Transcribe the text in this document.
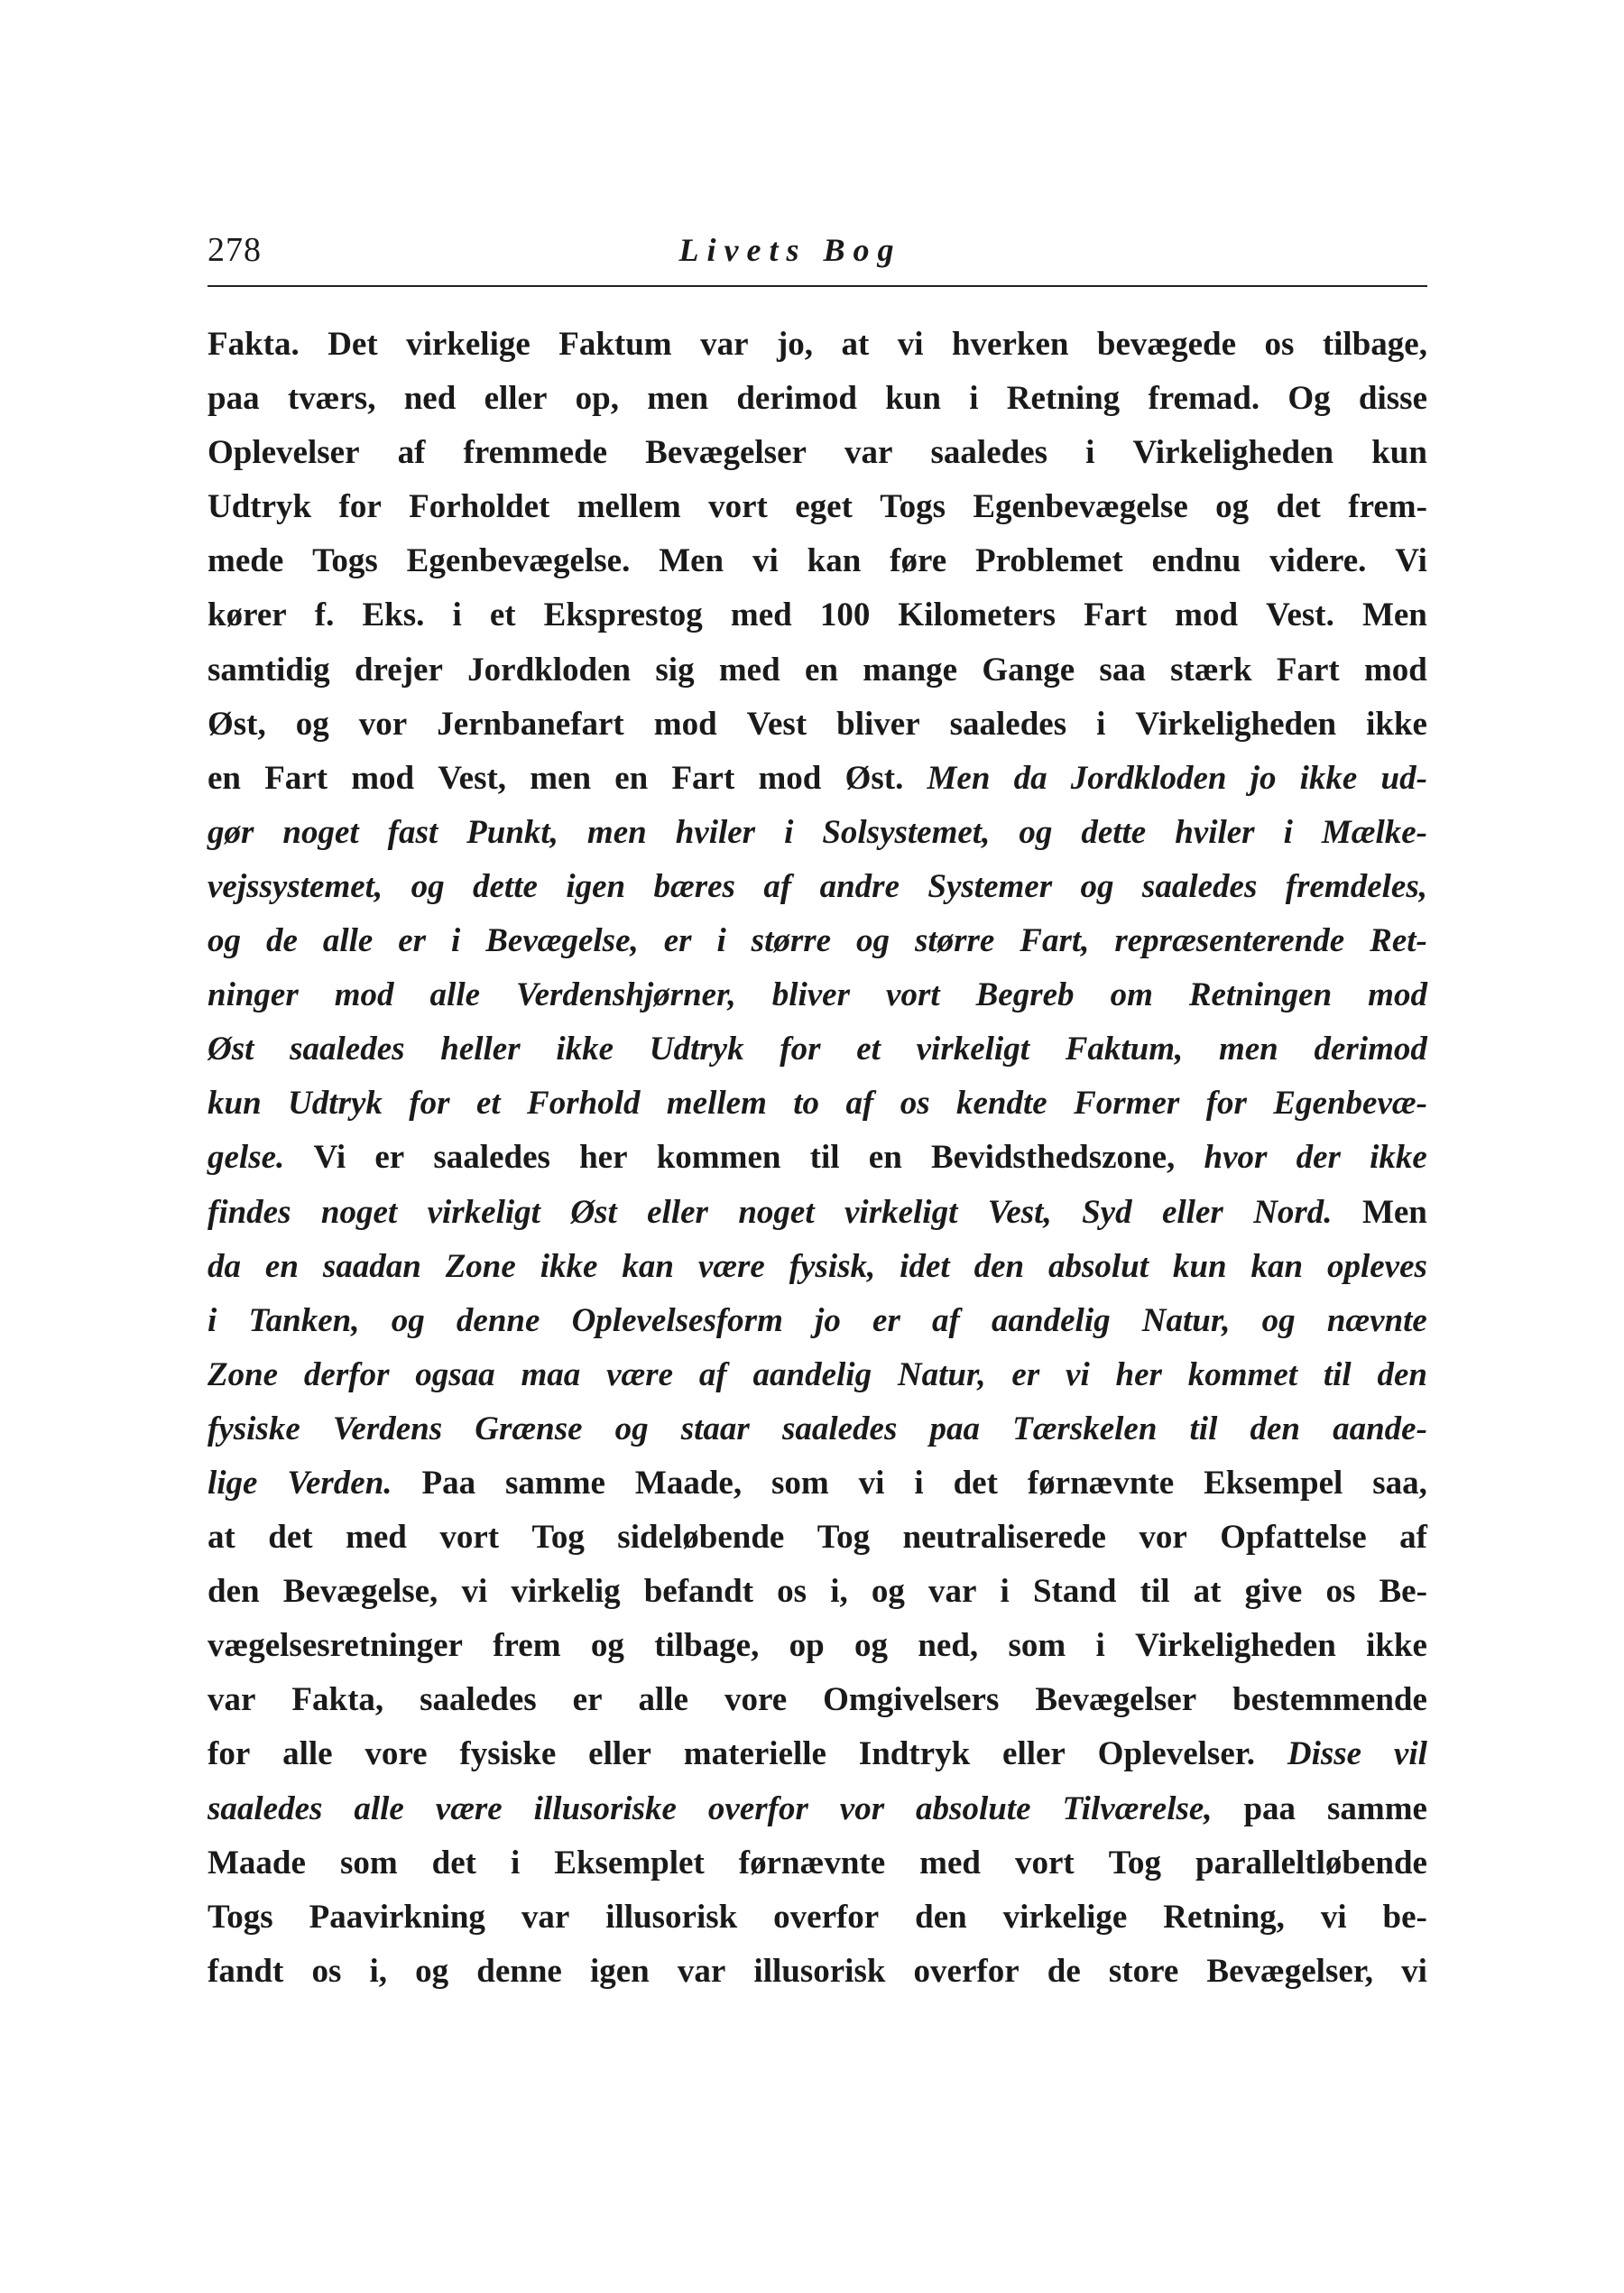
278	Livets Bog
Fakta. Det virkelige Faktum var jo, at vi hverken bevægede os tilbage,
paa tværs, ned eller op, men derimod kun i Retning fremad. Og disse
Oplevelser af fremmede Bevægelser var saaledes i Virkeligheden kun
Udtryk for Forholdet mellem vort eget Togs Egenbevægelse og det frem-
mede Togs Egenbevægelse. Men vi kan føre Problemet endnu videre. Vi
kører f. Eks. i et Eksprestog med 100 Kilometers Fart mod Vest. Men
samtidig drejer Jordkloden sig med en mange Gange saa stærk Fart mod
Øst, og vor Jernbanefart mod Vest bliver saaledes i Virkeligheden ikke
en Fart mod Vest, men en Fart mod Øst. Men da Jordkloden jo ikke ud-
gør noget fast Punkt, men hviler i Solsystemet, og dette hviler i Mælke-
vejssystemet, og dette igen bæres af andre Systemer og saaledes fremdeles,
og de alle er i Bevægelse, er i større og større Fart, repræsenterende Ret-
ninger mod alle Verdenshjørner, bliver vort Begreb om Retningen mod
Øst saaledes heller ikke Udtryk for et virkeligt Faktum, men derimod
kun Udtryk for et Forhold mellem to af os kendte Former for Egenbevæ-
gelse. Vi er saaledes her kommen til en Bevidsthedszone, hvor der ikke
findes noget virkeligt Øst eller noget virkeligt Vest, Syd eller Nord. Men
da en saadan Zone ikke kan være fysisk, idet den absolut kun kan opleves
i Tanken, og denne Oplevelsesform jo er af aandelig Natur, og nævnte
Zone derfor ogsaa maa være af aandelig Natur, er vi her kommet til den
fysiske Verdens Grænse og staar saaledes paa Tærskelen til den aande-
lige Verden. Paa samme Maade, som vi i det førnævnte Eksempel saa,
at det med vort Tog sideløbende Tog neutraliserede vor Opfattelse af
den Bevægelse, vi virkelig befandt os i, og var i Stand til at give os Be-
vægelsesretninger frem og tilbage, op og ned, som i Virkeligheden ikke
var Fakta, saaledes er alle vore Omgivelsers Bevægelser bestemmende
for alle vore fysiske eller materielle Indtryk eller Oplevelser. Disse vil
saaledes alle være illusoriske overfor vor absolute Tilværelse, paa samme
Maade som det i Eksemplet førnævnte med vort Tog paralleltløbende
Togs Paavirkning var illusorisk overfor den virkelige Retning, vi be-
fandt os i, og denne igen var illusorisk overfor de store Bevægelser, vi
